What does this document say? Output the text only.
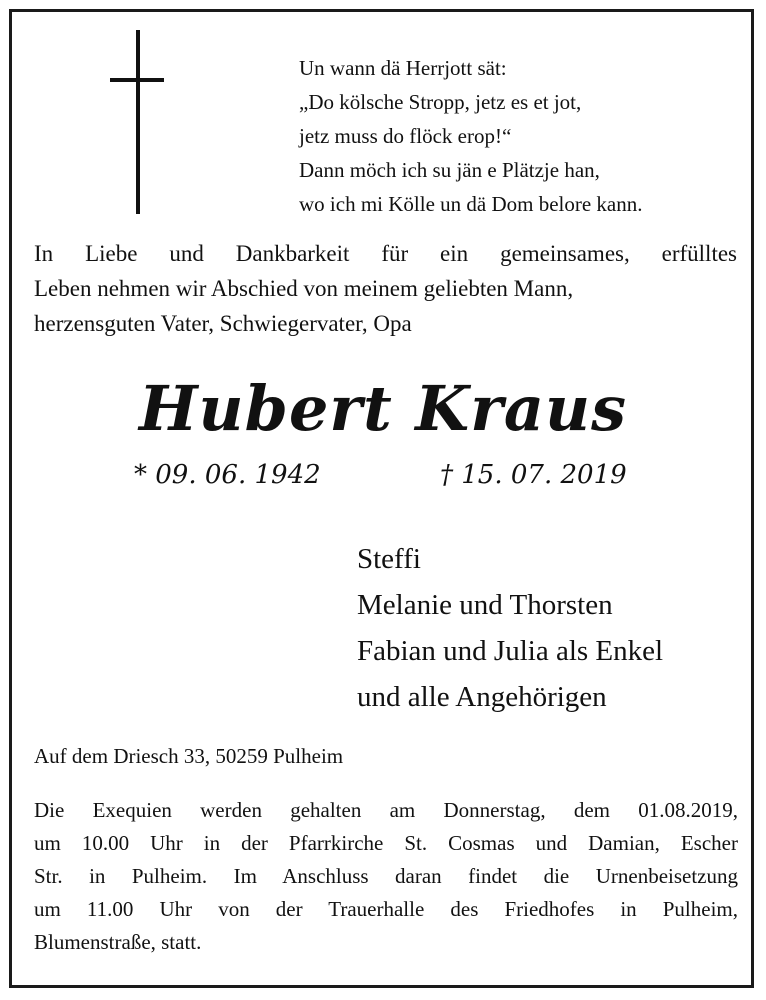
Un wann dä Herrjott sät:
„Do kölsche Stropp, jetz es et jot,
jetz muss do flöck erop!“
Dann möch ich su jän e Plätzje han,
wo ich mi Kölle un dä Dom belore kann.
In Liebe und Dankbarkeit für ein gemeinsames, erfülltes
Leben nehmen wir Abschied von meinem geliebten Mann,
herzensguten Vater, Schwiegervater, Opa
Hubert Kraus
* 09. 06. 1942	† 15. 07. 2019
Steffi
Melanie und Thorsten
Fabian und Julia als Enkel
und alle Angehörigen
Auf dem Driesch 33, 50259 Pulheim
Die Exequien werden gehalten am Donnerstag, dem 01.08.2019,
um 10.00 Uhr in der Pfarrkirche St. Cosmas und Damian, Escher
Str. in Pulheim. Im Anschluss daran findet die Urnenbeisetzung
um 11.00 Uhr von der Trauerhalle des Friedhofes in Pulheim,
Blumenstraße, statt.
